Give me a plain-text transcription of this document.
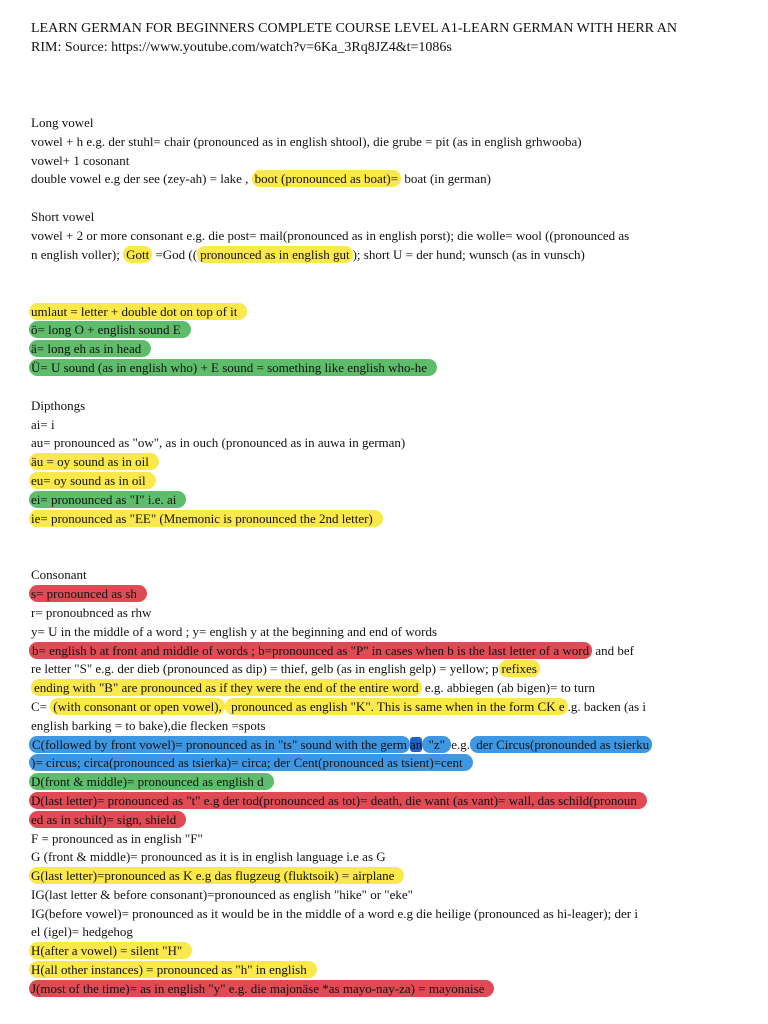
LEARN GERMAN FOR BEGINNERS COMPLETE COURSE LEVEL A1-LEARN GERMAN WITH HERR AN

RIM: Source: https://www.youtube.com/watch?v=6Ka_3Rq8JZ4&t=1086s

Long vowel

vowel + h e.g. der stuhl= chair (pronounced as in english shtool), die grube = pit (as in english grhwooba)

vowel+ 1 cosonant

double vowel e.g der see (zey-ah) = lake , boot (pronounced as boat)= boat (in german)

Short vowel

vowel + 2 or more consonant e.g. die post= mail(pronounced as in english porst); die wolle= wool ((pronounced as

n english voller); Gott =God (( pronounced as in english gut ); short U = der hund; wunsch (as in vunsch)

umlaut = letter + double dot on top of it

ö= long O + english sound E

ä= long eh as in head

Ü= U sound (as in english who) + E sound = something like english who-he

Dipthongs

ai= i

au= pronounced as "ow", as in ouch (pronounced as in auwa in german)

äu = oy sound as in oil

eu= oy sound as in oil

ei= pronounced as "I" i.e. ai

ie= pronounced as "EE" (Mnemonic is pronounced the 2nd letter)

Consonant

s= pronounced as sh

r= pronoubnced as rhw

y= U in the middle of a word ; y= english y at the beginning and end of words

b= english b at front and middle of words ; b=pronounced as "P" in cases when b is the last letter of a word and bef

re letter "S" e.g. der dieb (pronounced as dip) = thief, gelb (as in english gelp) = yellow; p refixes

ending with "B" are pronounced as if they were the end of the entire word e.g. abbiegen (ab bigen)= to turn

C= (with consonant or open vowel), pronounced as english "K". This is same when in the form CK e .g. backen (as i

english barking = to bake),die flecken =spots

C(followed by front vowel)= pronounced as in "ts" sound with the germ an "z" e.g. der Circus(pronounded as tsierku

)= circus; circa(pronounced as tsierka)= circa; der Cent(pronounced as tsient)=cent

D(front & middle)= pronounced as english d

D(last letter)= pronounced as "t" e.g der tod(pronounced as tot)= death, die want (as vant)= wall, das schild(pronoun

ed as in schilt)= sign, shield

F = pronounced as in english "F"

G (front & middle)= pronounced as it is in english language i.e as G

G(last letter)=pronounced as K e.g das flugzeug (fluktsoik) = airplane

IG(last letter & before consonant)=pronounced as english "hike" or "eke"

IG(before vowel)= pronounced as it would be in the middle of a word e.g die heilige (pronounced as hi-leager); der i

el (igel)= hedgehog

H(after a vowel) = silent "H"

H(all other instances) = pronounced as "h" in english

J(most of the time)= as in english "y" e.g. die majonäse *as mayo-nay-za) = mayonaise
